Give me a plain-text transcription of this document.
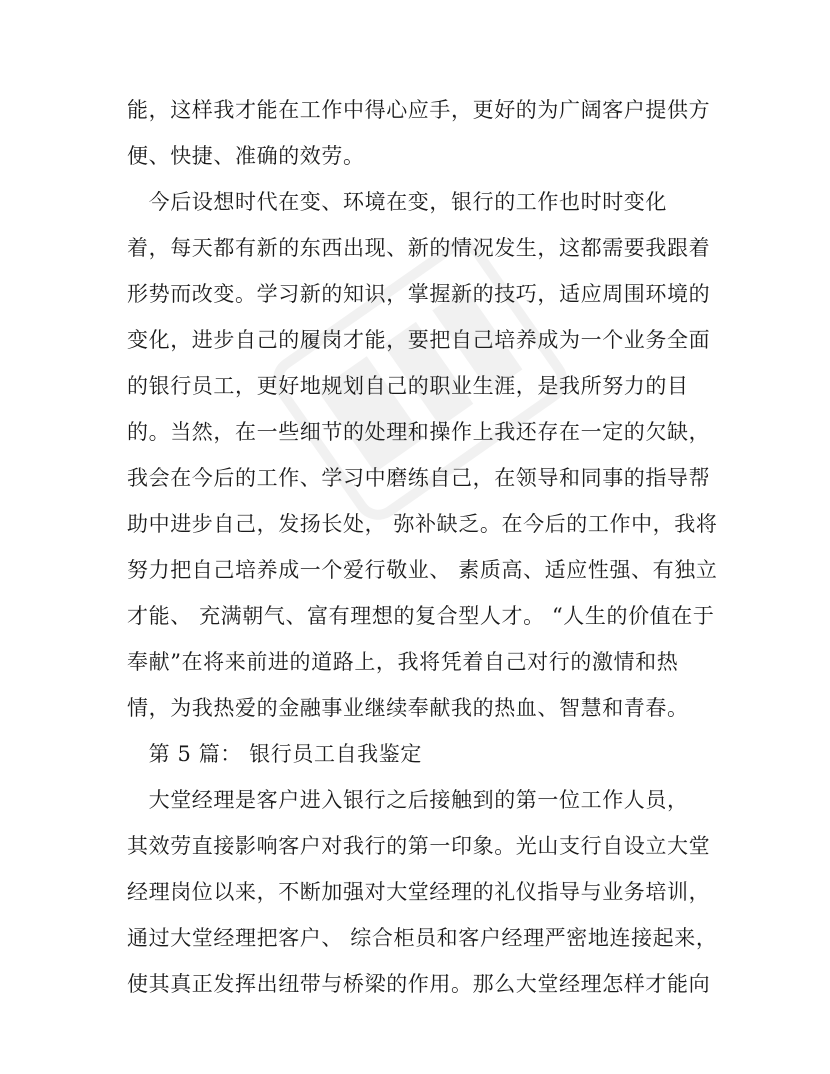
能，这样我才能在工作中得心应手，更好的为广阔客户提供方
便、快捷、准确的效劳。
　今后设想时代在变、环境在变，银行的工作也时时变化
着，每天都有新的东西出现、新的情况发生，这都需要我跟着
形势而改变。学习新的知识，掌握新的技巧，适应周围环境的
变化，进步自己的履岗才能，要把自己培养成为一个业务全面
的银行员工，更好地规划自己的职业生涯，是我所努力的目
的。当然，在一些细节的处理和操作上我还存在一定的欠缺，
我会在今后的工作、学习中磨练自己，在领导和同事的指导帮
助中进步自己，发扬长处， 弥补缺乏。在今后的工作中，我将
努力把自己培养成一个爱行敬业、 素质高、适应性强、有独立
才能、 充满朝气、富有理想的复合型人才。 “人生的价值在于
奉献”在将来前进的道路上，我将凭着自己对行的激情和热
情，为我热爱的金融事业继续奉献我的热血、智慧和青春。
　第 5 篇： 银行员工自我鉴定
　大堂经理是客户进入银行之后接触到的第一位工作人员，
其效劳直接影响客户对我行的第一印象。光山支行自设立大堂
经理岗位以来，不断加强对大堂经理的礼仪指导与业务培训，
通过大堂经理把客户、 综合柜员和客户经理严密地连接起来，
使其真正发挥出纽带与桥梁的作用。那么大堂经理怎样才能向
